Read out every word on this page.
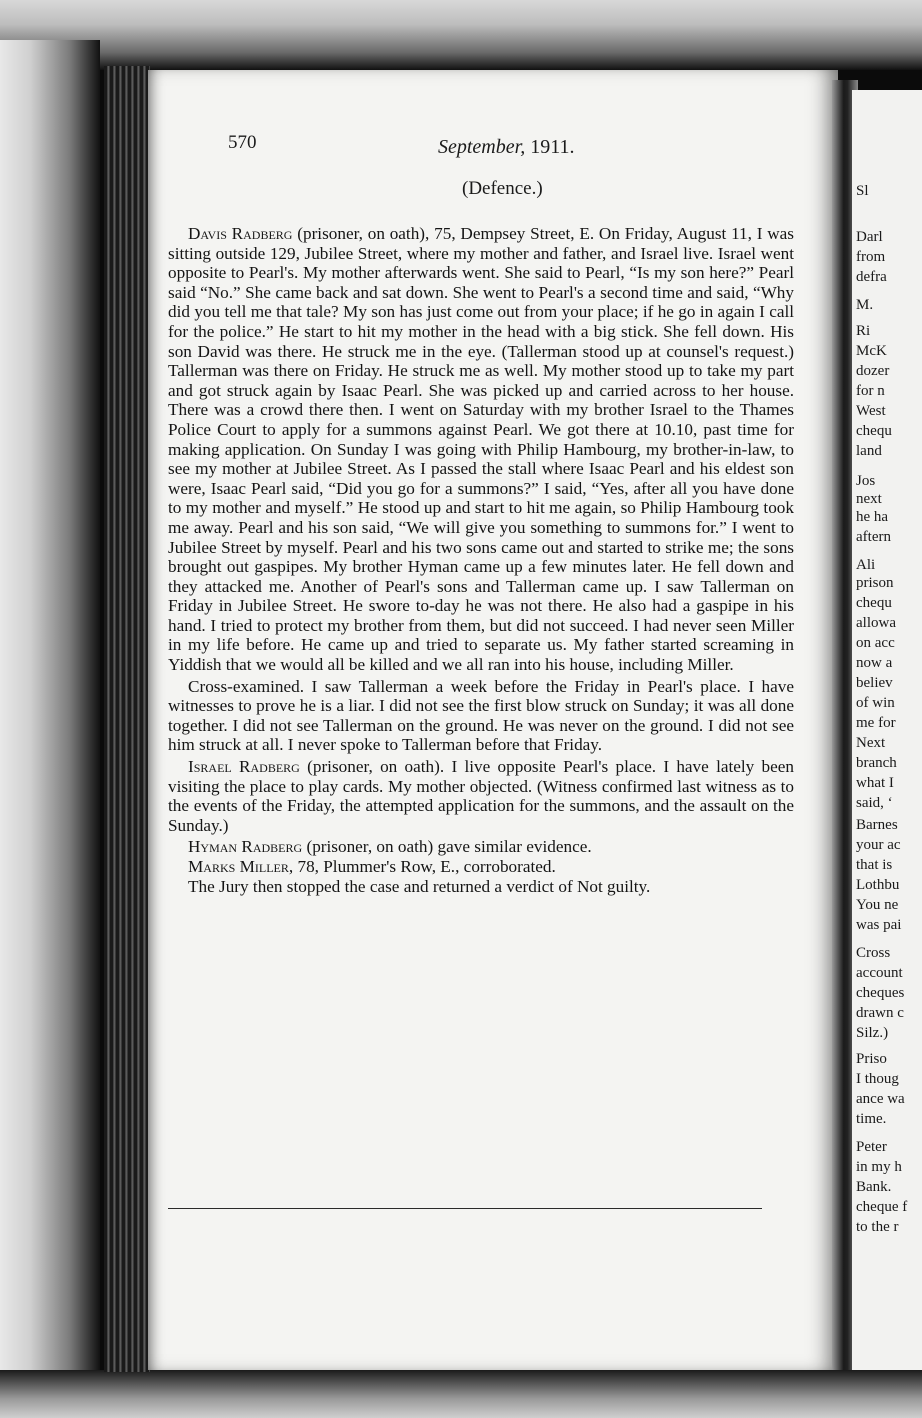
Sl
Darl
from
defra
M.
Ri
McK
dozer
for n
West
chequ
land
Jos
next
he ha
aftern
Ali
prison
chequ
allowa
on acc
now a
believ
of win
me for
Next
branch
what I
said, ‘
Barnes
your ac
that is
Lothbu
You ne
was pai
Cross
account
cheques
drawn c
Silz.)
Priso
I thoug
ance wa
time.
Peter
in my h
Bank.
cheque f
to the r
570	September, 1911.
(Defence.)

Davis Radberg (prisoner, on oath), 75, Dempsey Street, E. On Friday, August 11, I was sitting outside 129, Jubilee Street, where my mother and father, and Israel live. Israel went opposite to Pearl's. My mother afterwards went. She said to Pearl, “Is my son here?” Pearl said “No.” She came back and sat down. She went to Pearl's a second time and said, “Why did you tell me that tale? My son has just come out from your place; if he go in again I call for the police.” He start to hit my mother in the head with a big stick. She fell down. His son David was there. He struck me in the eye. (Tallerman stood up at counsel's request.) Tallerman was there on Friday. He struck me as well. My mother stood up to take my part and got struck again by Isaac Pearl. She was picked up and carried across to her house. There was a crowd there then. I went on Saturday with my brother Israel to the Thames Police Court to apply for a summons against Pearl. We got there at 10.10, past time for making application. On Sunday I was going with Philip Hambourg, my brother-in-law, to see my mother at Jubilee Street. As I passed the stall where Isaac Pearl and his eldest son were, Isaac Pearl said, “Did you go for a summons?” I said, “Yes, after all you have done to my mother and myself.” He stood up and start to hit me again, so Philip Hambourg took me away. Pearl and his son said, “We will give you something to summons for.” I went to Jubilee Street by myself. Pearl and his two sons came out and started to strike me; the sons brought out gaspipes. My brother Hyman came up a few minutes later. He fell down and they attacked me. Another of Pearl's sons and Tallerman came up. I saw Tallerman on Friday in Jubilee Street. He swore to-day he was not there. He also had a gaspipe in his hand. I tried to protect my brother from them, but did not succeed. I had never seen Miller in my life before. He came up and tried to separate us. My father started screaming in Yiddish that we would all be killed and we all ran into his house, including Miller.

Cross-examined. I saw Tallerman a week before the Friday in Pearl's place. I have witnesses to prove he is a liar. I did not see the first blow struck on Sunday; it was all done together. I did not see Tallerman on the ground. He was never on the ground. I did not see him struck at all. I never spoke to Tallerman before that Friday.

Israel Radberg (prisoner, on oath). I live opposite Pearl's place. I have lately been visiting the place to play cards. My mother objected. (Witness confirmed last witness as to the events of the Friday, the attempted application for the summons, and the assault on the Sunday.)

Hyman Radberg (prisoner, on oath) gave similar evidence.

Marks Miller, 78, Plummer's Row, E., corroborated.

The Jury then stopped the case and returned a verdict of Not guilty.
